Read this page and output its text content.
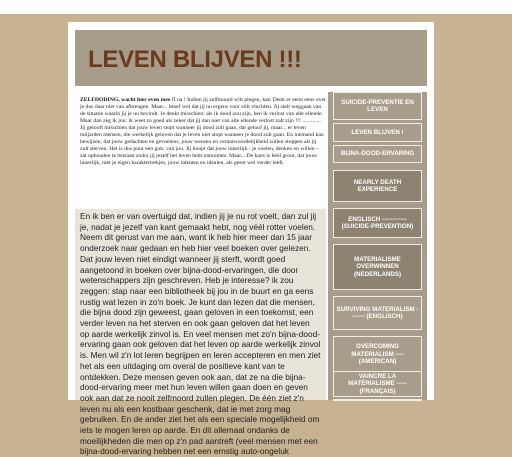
LEVEN BLIJVEN !!!
ZELFDODING, wacht hier even mee !!	Denk er eerst eens over
na ! Indien jij zelfmoord wilt plegen, kan je dus daar niet van afbrengen. Maar... besef wel dat jij nu ergens voor stilt vluchten. Jij stelt weggaan van de situatie waarin jij je nu bevindt. Je denkt misschien: als ik dood zou zijn, ben ik verlost van alle ellende. Maar dan zeg ik jou: ik weet zo goed als zeker dat jij dan niet van alle ellende verlost zult zijn !!! ............. Jij gelooft misschien dat jouw leven stopt wanneer jij dood zult gaan, dat geloof jij, maar... er leven miljarden mensen, die werkelijk geloven dat je leven niet stopt wanneer je dood zult gaan. En niemand kan bewijzen, dat jouw gedachten en gevoelens, jouw wensen en verantwoordelijkheid zullen stoppen als jij zult sterven. Het is dus puur een gok: van jou. Jij hoopt dat jouw innerlijk - je voelen, denken en willen – zal ophouden te bestaan zodra jij jezelf het leven hebt ontnomen. Maar... De kans is héél groot, dat jouw innerlijk, met je eigen karaktertrekjes, jouw talenten en idealen, als geest wel verder leeft.
En ik ben er van overtuigd dat, indien jij je nu rot voelt, dan zul jij je, nadat je jezelf van kant gemaakt hebt, nog véél rotter voelen. Neem dit gerust van me aan, want ik heb hier meer dan 15 jaar onderzoek naar gedaan en heb hier veel boeken over gelezen. Dat jouw leven niet eindigt wanneer jij sterft, wordt goed aangetoond in boeken over bijna-dood-ervaringen, die door wetenschappers zijn geschreven. Heb je interesse? ik zou zeggen: stap naar een bibliotheek bij jou in de buurt en ga eens rustig wat lezen in zo'n boek. Je kunt dan lezen dat die mensen, die bijna dood zijn geweest, gaan geloven in een toekomst, een verder leven na het sterven en ook gaan geloven dat het leven op aarde werkelijk zinvol is. En veel mensen met zo'n bijna-dood-ervaring gaan ook geloven dat het leven op aarde werkelijk zinvol is. Men wil z'n lot leren begrijpen en leren accepteren en men ziet het als een uitdaging om overal de positieve kant van te ontdekken. Deze mensen geven ook aan, dat ze na die bijna-dood-ervaring meer met hun leven willen gaan doen en geven ook aan dat ze nooit zelfmoord zullen plegen. De één ziet z'n leven nu als een kostbaar geschenk, dat ie met zorg mag gebruiken. En de ander ziet het als een speciale mogelijkheid om iets te mogen leren op aarde. En dit allemaal ondanks de moeilijkheden die men op z'n pad aantreft (veel mensen met een bijna-dood-ervaring hebben net een ernstig auto-ongeluk
SUICIDE-PREVENTIE EN LEVEN
LEVEN BLIJVEN !
BIJNA-DOOD-ERVARING
NEARLY DEATH EXPERIENCE
ENGLISCH ------------ (SUICIDE-PREVENTION)
MATERIALISME OVERWINNEN (NEDERLANDS)
SURVIVING MATERIALISM ------- (ENGLISCH)
OVERCOMING MATERIALISM ---- (AMERICAN)
VAINCRE LA MATÉRIALISME ----- (FRANÇAIS)
